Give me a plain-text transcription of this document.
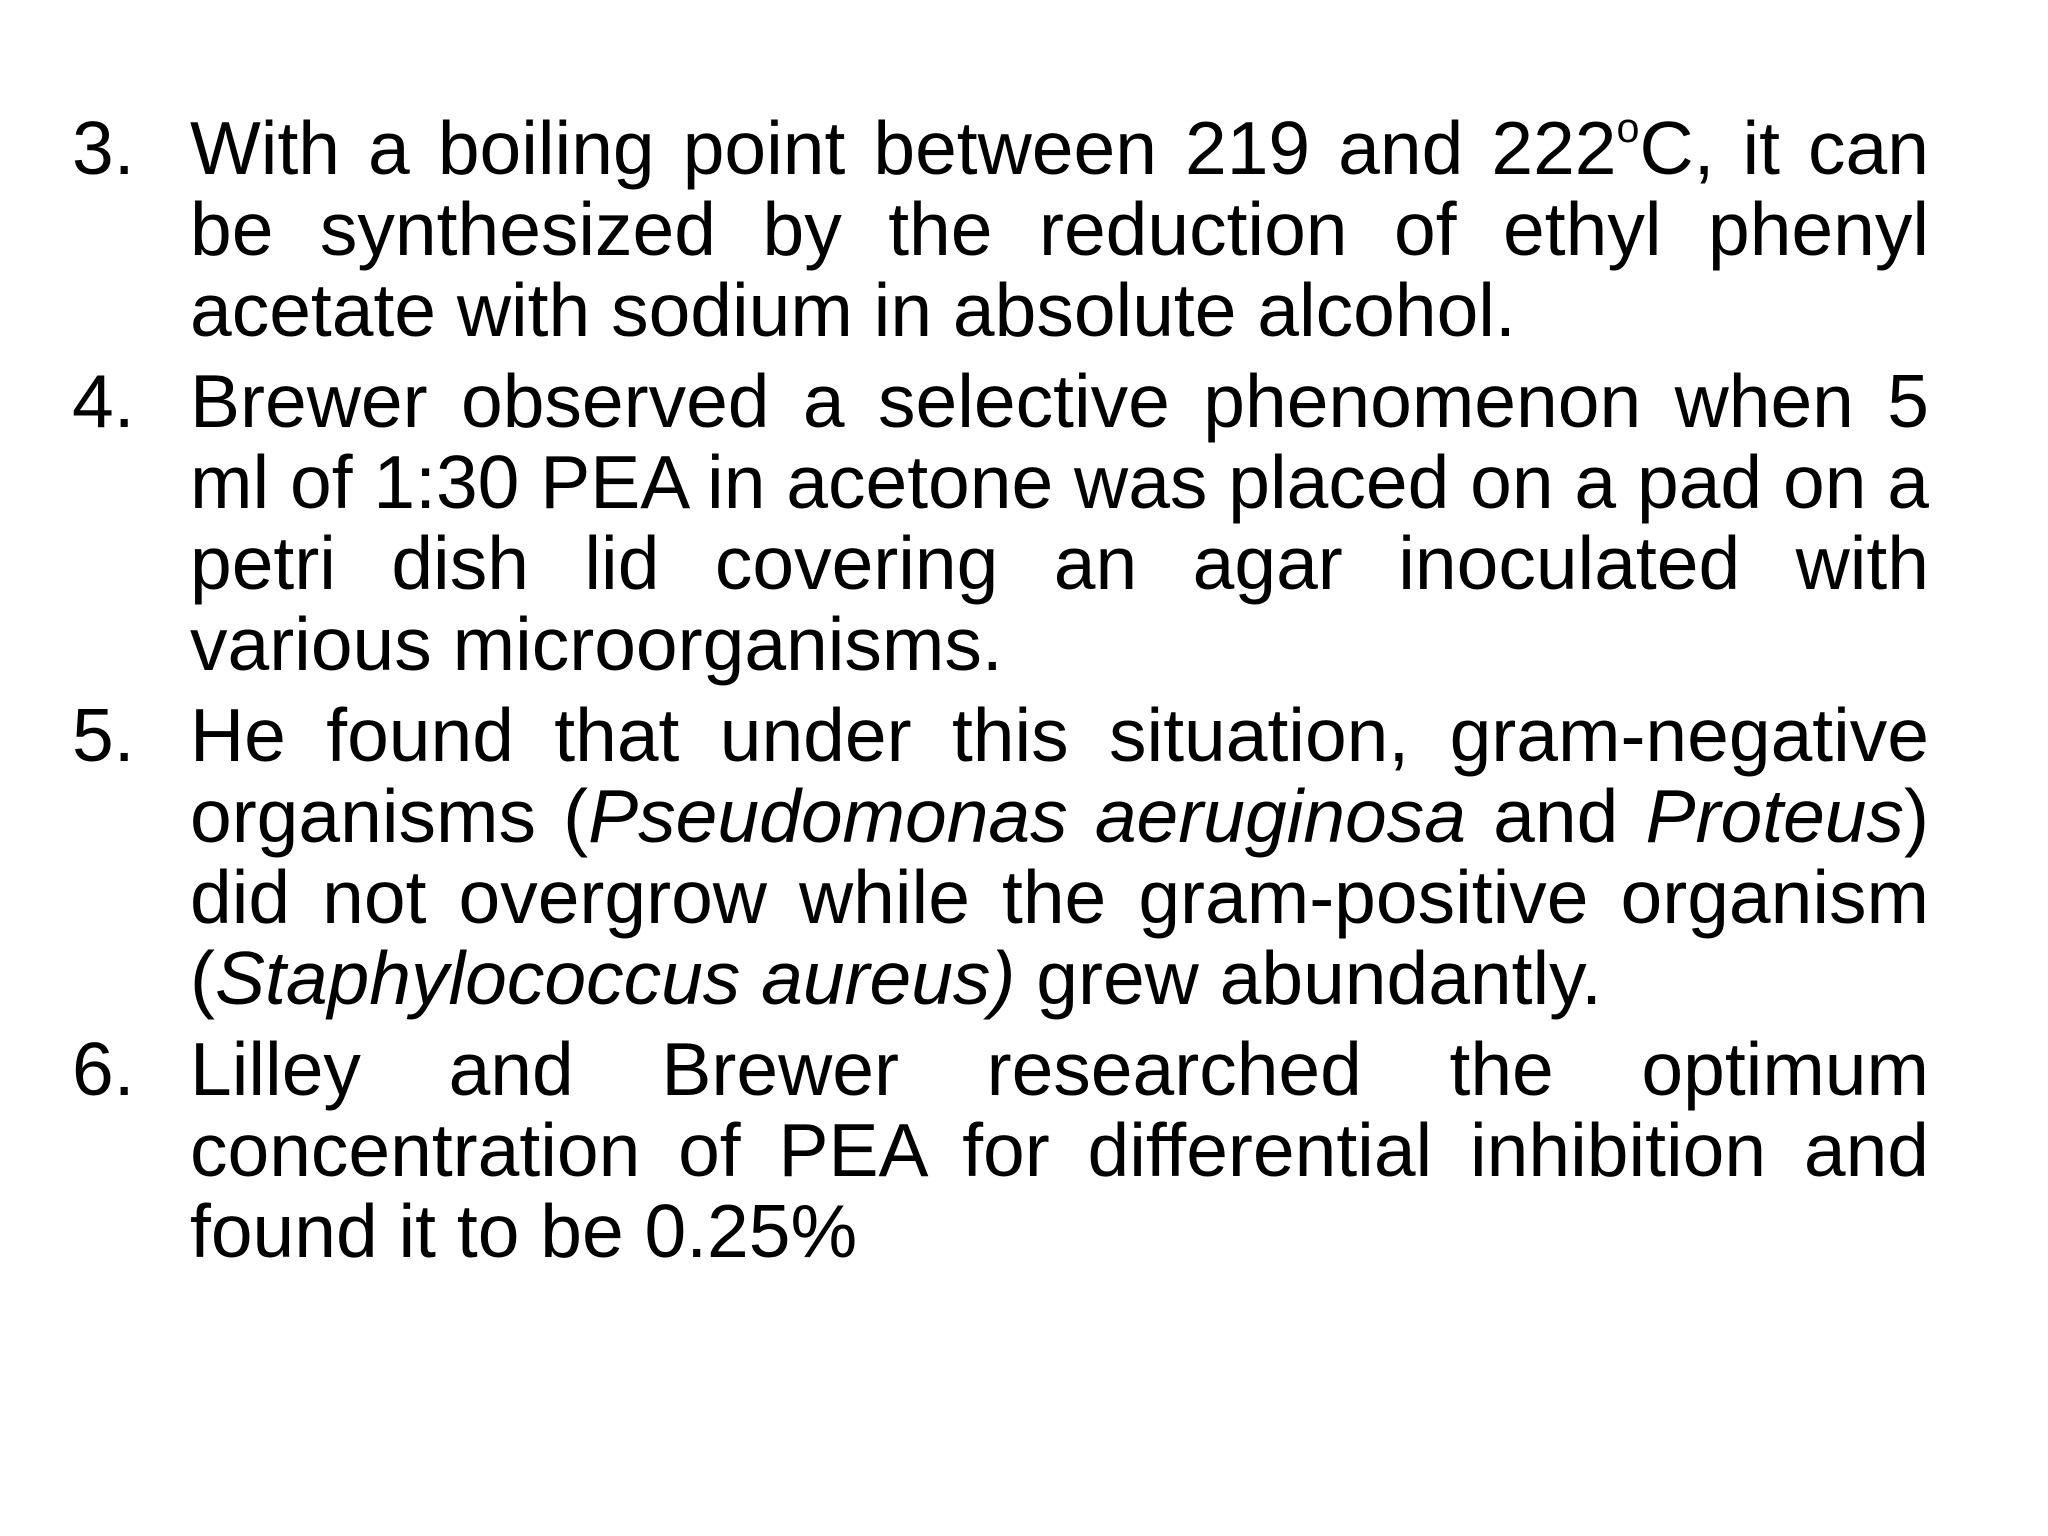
3. With a boiling point between 219 and 222$^o$C, it can be synthesized by the reduction of ethyl phenyl acetate with sodium in absolute alcohol.
4. Brewer observed a selective phenomenon when 5 ml of 1:30 PEA in acetone was placed on a pad on a petri dish lid covering an agar inoculated with various microorganisms.
5. He found that under this situation, gram-negative organisms (Pseudomonas aeruginosa and Proteus) did not overgrow while the gram-positive organism (Staphylococcus aureus) grew abundantly.
6. Lilley and Brewer researched the optimum concentration of PEA for differential inhibition and found it to be 0.25%
